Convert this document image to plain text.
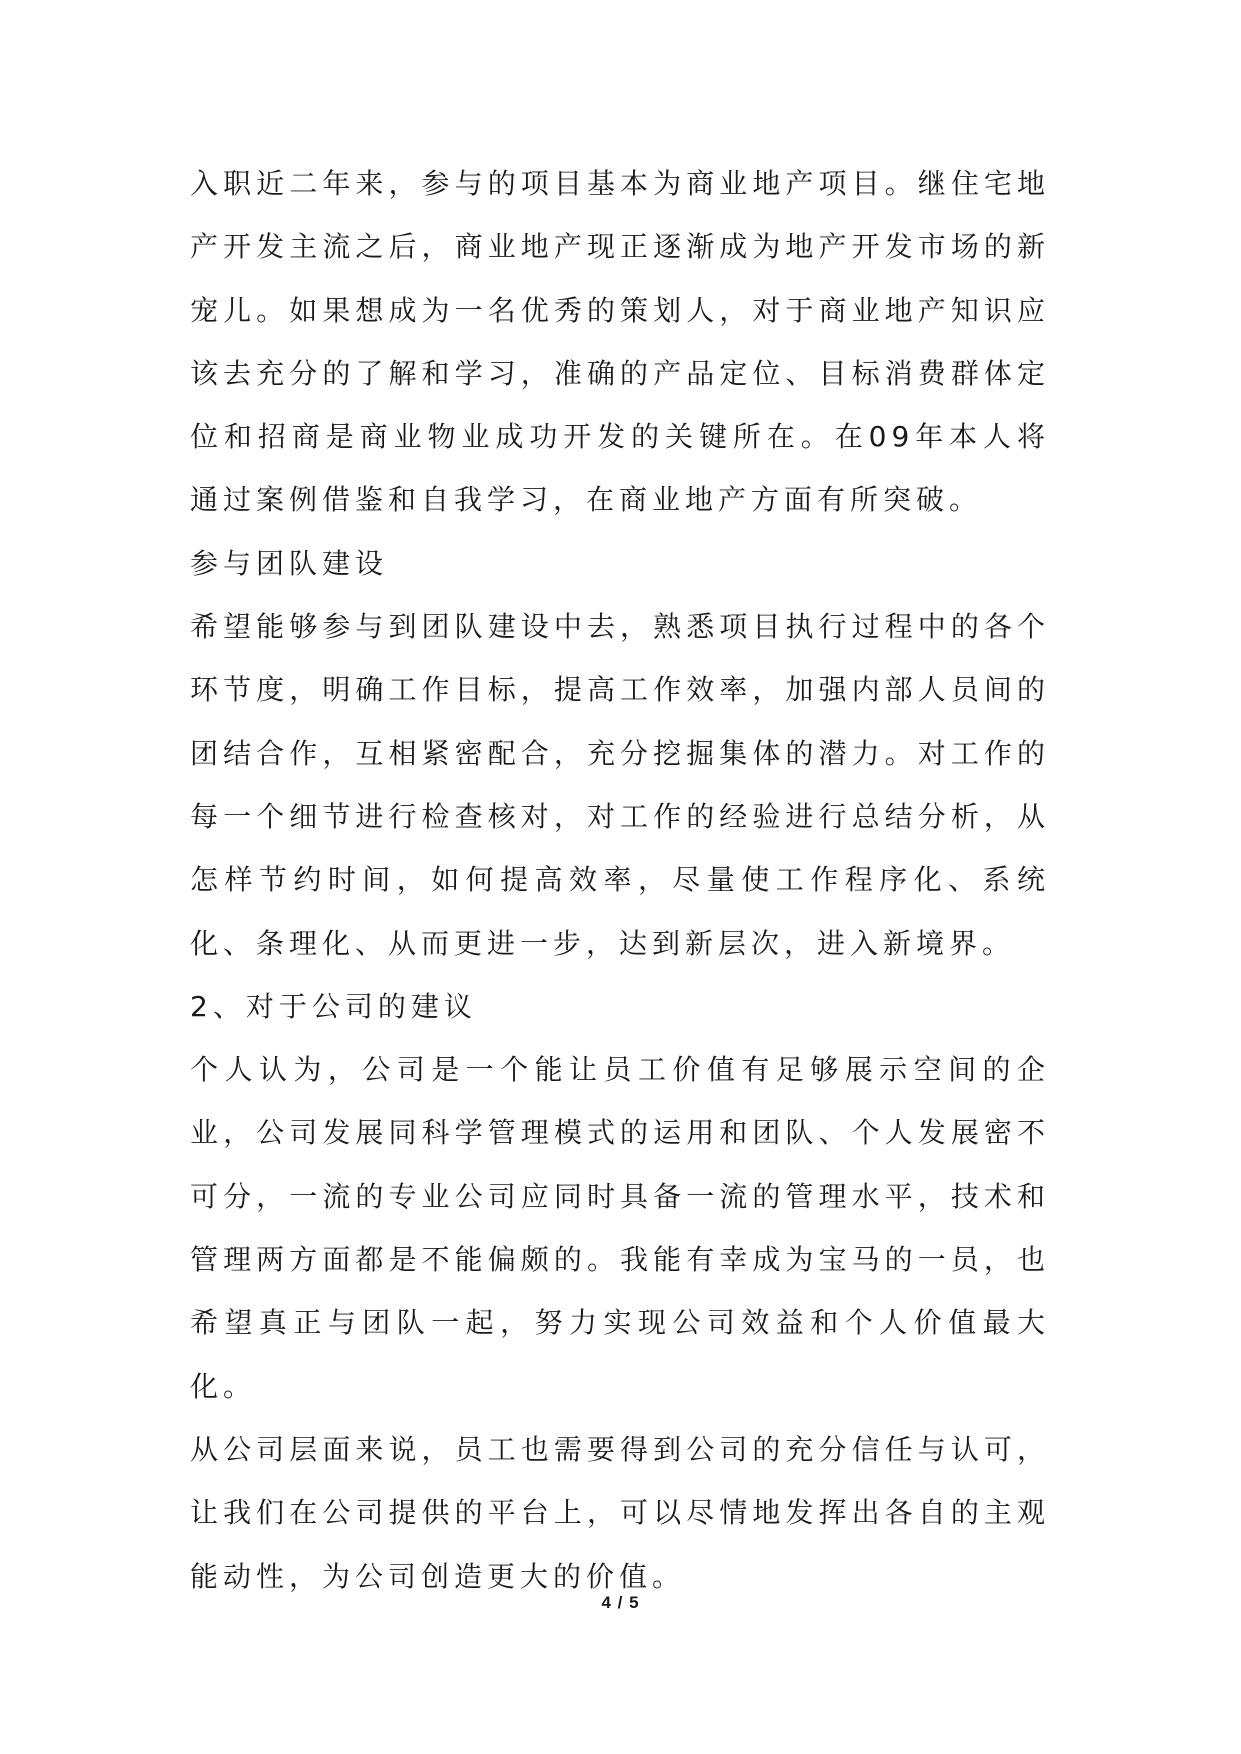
入职近二年来，参与的项目基本为商业地产项目。继住宅地产开发主流之后，商业地产现正逐渐成为地产开发市场的新宠儿。如果想成为一名优秀的策划人，对于商业地产知识应该去充分的了解和学习，准确的产品定位、目标消费群体定位和招商是商业物业成功开发的关键所在。在09年本人将通过案例借鉴和自我学习，在商业地产方面有所突破。

参与团队建设

希望能够参与到团队建设中去，熟悉项目执行过程中的各个环节度，明确工作目标，提高工作效率，加强内部人员间的团结合作，互相紧密配合，充分挖掘集体的潜力。对工作的每一个细节进行检查核对，对工作的经验进行总结分析，从怎样节约时间，如何提高效率，尽量使工作程序化、系统化、条理化、从而更进一步，达到新层次，进入新境界。

2、对于公司的建议

个人认为，公司是一个能让员工价值有足够展示空间的企业，公司发展同科学管理模式的运用和团队、个人发展密不可分，一流的专业公司应同时具备一流的管理水平，技术和管理两方面都是不能偏颇的。我能有幸成为宝马的一员，也希望真正与团队一起，努力实现公司效益和个人价值最大化。

从公司层面来说，员工也需要得到公司的充分信任与认可，让我们在公司提供的平台上，可以尽情地发挥出各自的主观能动性，为公司创造更大的价值。

4 / 5
